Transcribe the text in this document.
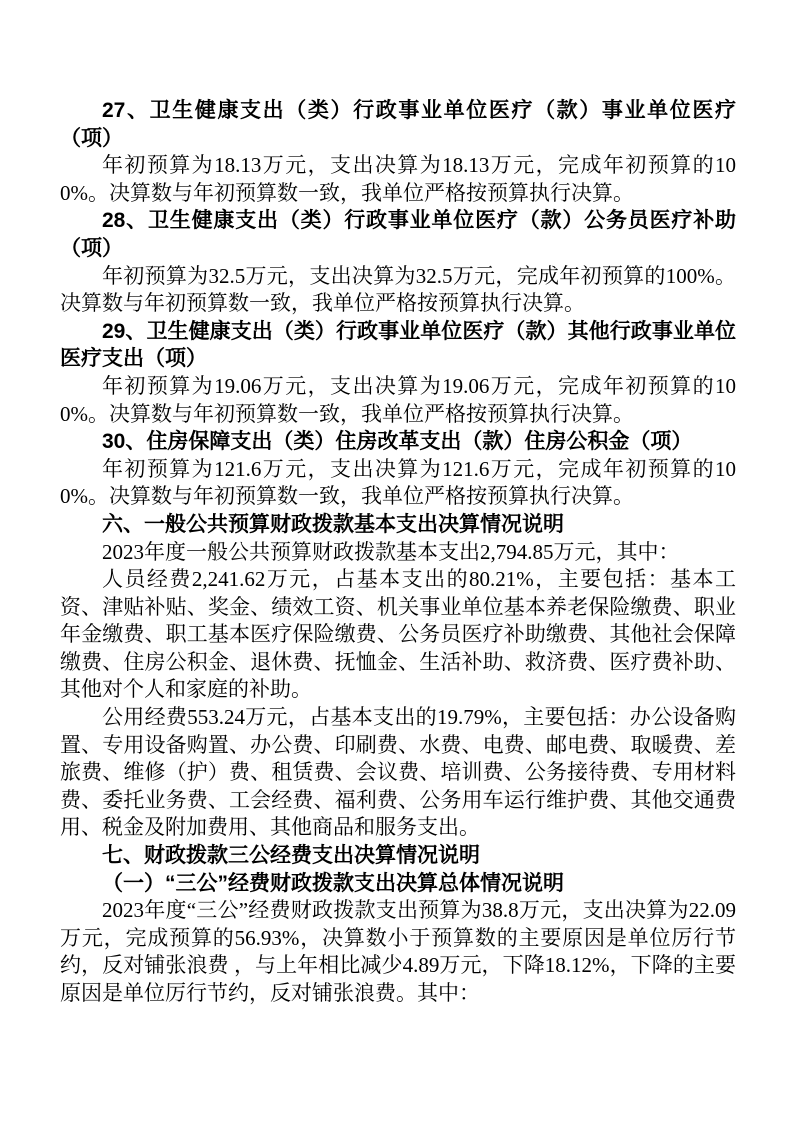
27、卫生健康支出（类）行政事业单位医疗（款）事业单位医疗（项）

年初预算为18.13万元，支出决算为18.13万元，完成年初预算的100%。决算数与年初预算数一致，我单位严格按预算执行决算。

28、卫生健康支出（类）行政事业单位医疗（款）公务员医疗补助（项）

年初预算为32.5万元，支出决算为32.5万元，完成年初预算的100%。决算数与年初预算数一致，我单位严格按预算执行决算。

29、卫生健康支出（类）行政事业单位医疗（款）其他行政事业单位医疗支出（项）

年初预算为19.06万元，支出决算为19.06万元，完成年初预算的100%。决算数与年初预算数一致，我单位严格按预算执行决算。

30、住房保障支出（类）住房改革支出（款）住房公积金（项）

年初预算为121.6万元，支出决算为121.6万元，完成年初预算的100%。决算数与年初预算数一致，我单位严格按预算执行决算。

六、一般公共预算财政拨款基本支出决算情况说明

2023年度一般公共预算财政拨款基本支出2,794.85万元，其中：

人员经费2,241.62万元，占基本支出的80.21%，主要包括：基本工资、津贴补贴、奖金、绩效工资、机关事业单位基本养老保险缴费、职业年金缴费、职工基本医疗保险缴费、公务员医疗补助缴费、其他社会保障缴费、住房公积金、退休费、抚恤金、生活补助、救济费、医疗费补助、其他对个人和家庭的补助。

公用经费553.24万元，占基本支出的19.79%，主要包括：办公设备购置、专用设备购置、办公费、印刷费、水费、电费、邮电费、取暖费、差旅费、维修（护）费、租赁费、会议费、培训费、公务接待费、专用材料费、委托业务费、工会经费、福利费、公务用车运行维护费、其他交通费用、税金及附加费用、其他商品和服务支出。

七、财政拨款三公经费支出决算情况说明

（一）“三公”经费财政拨款支出决算总体情况说明

2023年度“三公”经费财政拨款支出预算为38.8万元，支出决算为22.09万元，完成预算的56.93%，决算数小于预算数的主要原因是单位厉行节约，反对铺张浪费 ，与上年相比减少4.89万元，下降18.12%，下降的主要原因是单位厉行节约，反对铺张浪费。其中：
